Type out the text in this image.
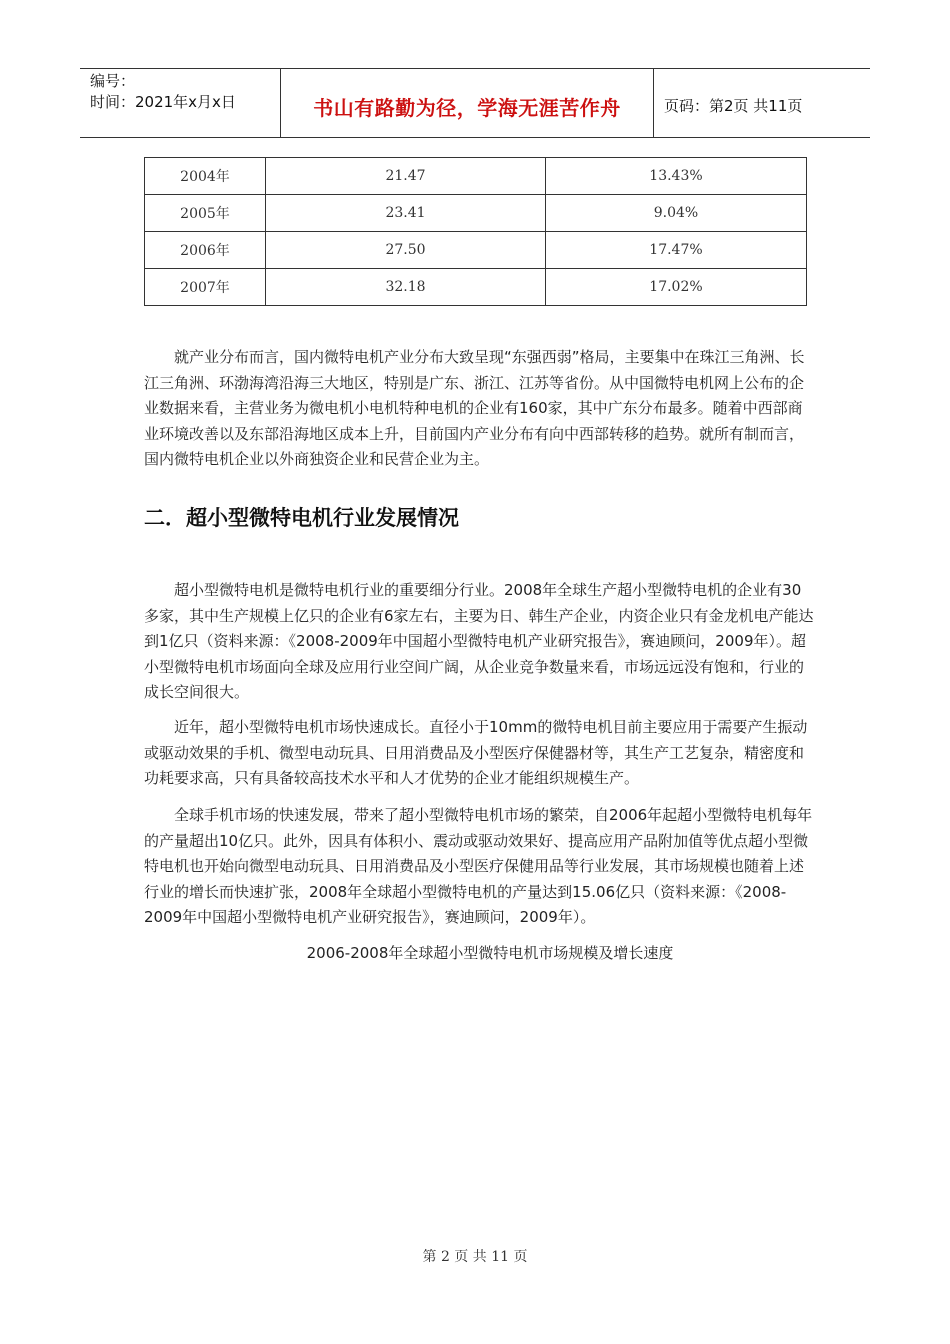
编号：
时间：2021年x月x日	书山有路勤为径，学海无涯苦作舟	页码：第2页 共11页
2004年	21.47	13.43%
2005年	23.41	9.04%
2006年	27.50	17.47%
2007年	32.18	17.02%

就产业分布而言，国内微特电机产业分布大致呈现“东强西弱”格局，主要集中在珠江三角洲、长江三角洲、环渤海湾沿海三大地区，特别是广东、浙江、江苏等省份。从中国微特电机网上公布的企业数据来看，主营业务为微电机小电机特种电机的企业有160家，其中广东分布最多。随着中西部商业环境改善以及东部沿海地区成本上升，目前国内产业分布有向中西部转移的趋势。就所有制而言，国内微特电机企业以外商独资企业和民营企业为主。

二．超小型微特电机行业发展情况

超小型微特电机是微特电机行业的重要细分行业。2008年全球生产超小型微特电机的企业有30多家，其中生产规模上亿只的企业有6家左右，主要为日、韩生产企业，内资企业只有金龙机电产能达到1亿只（资料来源：《2008-2009年中国超小型微特电机产业研究报告》，赛迪顾问，2009年）。超小型微特电机市场面向全球及应用行业空间广阔，从企业竞争数量来看，市场远远没有饱和，行业的成长空间很大。

近年，超小型微特电机市场快速成长。直径小于10mm的微特电机目前主要应用于需要产生振动或驱动效果的手机、微型电动玩具、日用消费品及小型医疗保健器材等，其生产工艺复杂，精密度和功耗要求高，只有具备较高技术水平和人才优势的企业才能组织规模生产。

全球手机市场的快速发展，带来了超小型微特电机市场的繁荣，自2006年起超小型微特电机每年的产量超出10亿只。此外，因具有体积小、震动或驱动效果好、提高应用产品附加值等优点超小型微特电机也开始向微型电动玩具、日用消费品及小型医疗保健用品等行业发展，其市场规模也随着上述行业的增长而快速扩张，2008年全球超小型微特电机的产量达到15.06亿只（资料来源：《2008-2009年中国超小型微特电机产业研究报告》，赛迪顾问，2009年）。

2006-2008年全球超小型微特电机市场规模及增长速度
第 2 页 共 11 页
